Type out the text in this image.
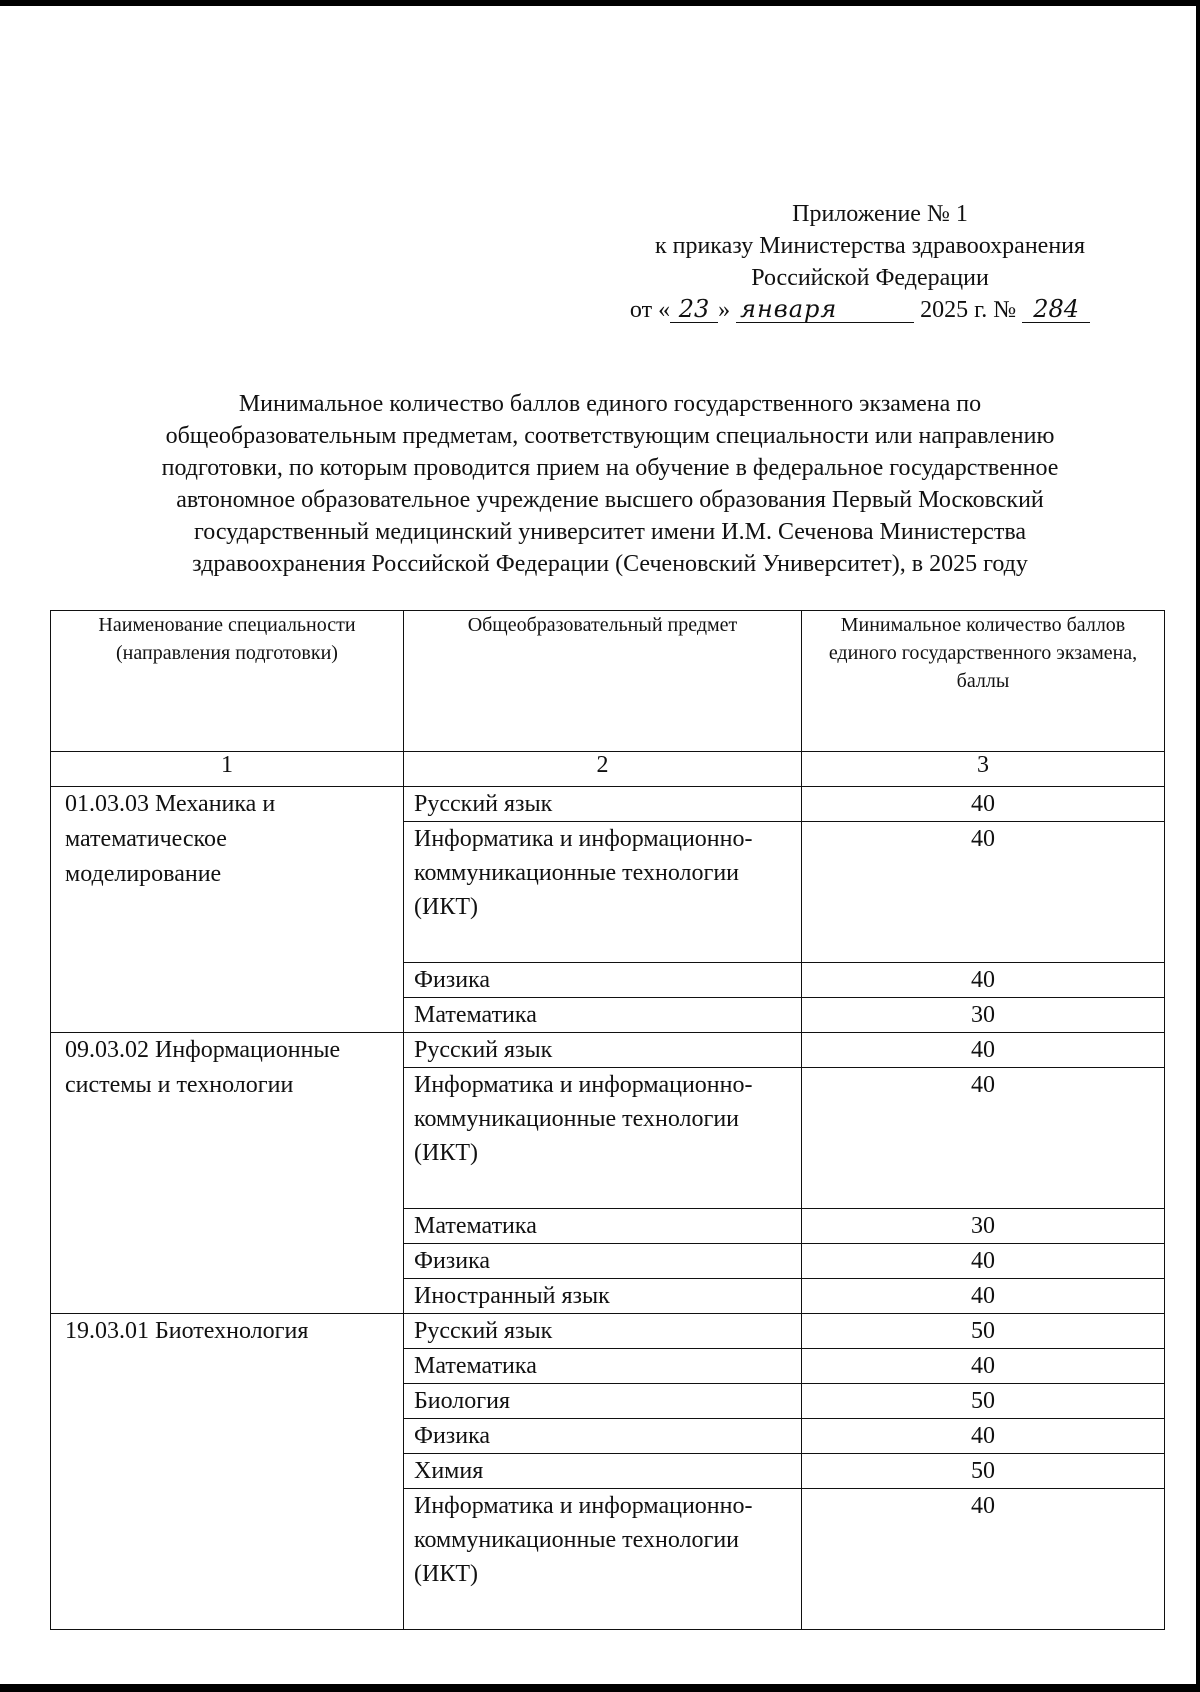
Приложение № 1
к приказу Министерства здравоохранения
Российской Федерации
от « 23 » января	2025 г. № 284
Минимальное количество баллов единого государственного экзамена по
общеобразовательным предметам, соответствующим специальности или направлению
подготовки, по которым проводится прием на обучение в федеральное государственное
автономное образовательное учреждение высшего образования Первый Московский
государственный медицинский университет имени И.М. Сеченова Министерства
здравоохранения Российской Федерации (Сеченовский Университет), в 2025 году
Наименование специальности (направления подготовки)	Общеобразовательный предмет	Минимальное количество баллов единого государственного экзамена, баллы
1	2	3
01.03.03 Механика и математическое моделирование	Русский язык	40
	Информатика и информационно-коммуникационные технологии (ИКТ)	40
	Физика	40
	Математика	30
09.03.02 Информационные системы и технологии	Русский язык	40
	Информатика и информационно-коммуникационные технологии (ИКТ)	40
	Математика	30
	Физика	40
	Иностранный язык	40
19.03.01 Биотехнология	Русский язык	50
	Математика	40
	Биология	50
	Физика	40
	Химия	50
	Информатика и информационно-коммуникационные технологии (ИКТ)	40
